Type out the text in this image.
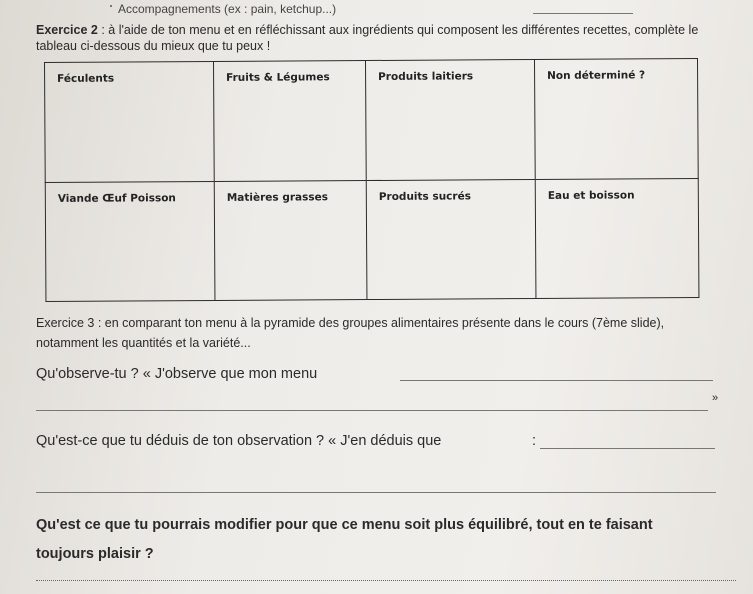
Accompagnements (ex : pain, ketchup...)
Exercice 2 : à l'aide de ton menu et en réfléchissant aux ingrédients qui composent les différentes recettes, complète le tableau ci-dessous du mieux que tu peux !
Féculents	Fruits & Légumes	Produits laitiers	Non déterminé ?
Viande Œuf Poisson	Matières grasses	Produits sucrés	Eau et boisson
Exercice 3 : en comparant ton menu à la pyramide des groupes alimentaires présente dans le cours (7ème slide), notamment les quantités et la variété...
Qu'observe-tu ? « J'observe que mon menu
»
Qu'est-ce que tu déduis de ton observation ? « J'en déduis que	:
Qu'est ce que tu pourrais modifier pour que ce menu soit plus équilibré, tout en te faisant
toujours plaisir ?
